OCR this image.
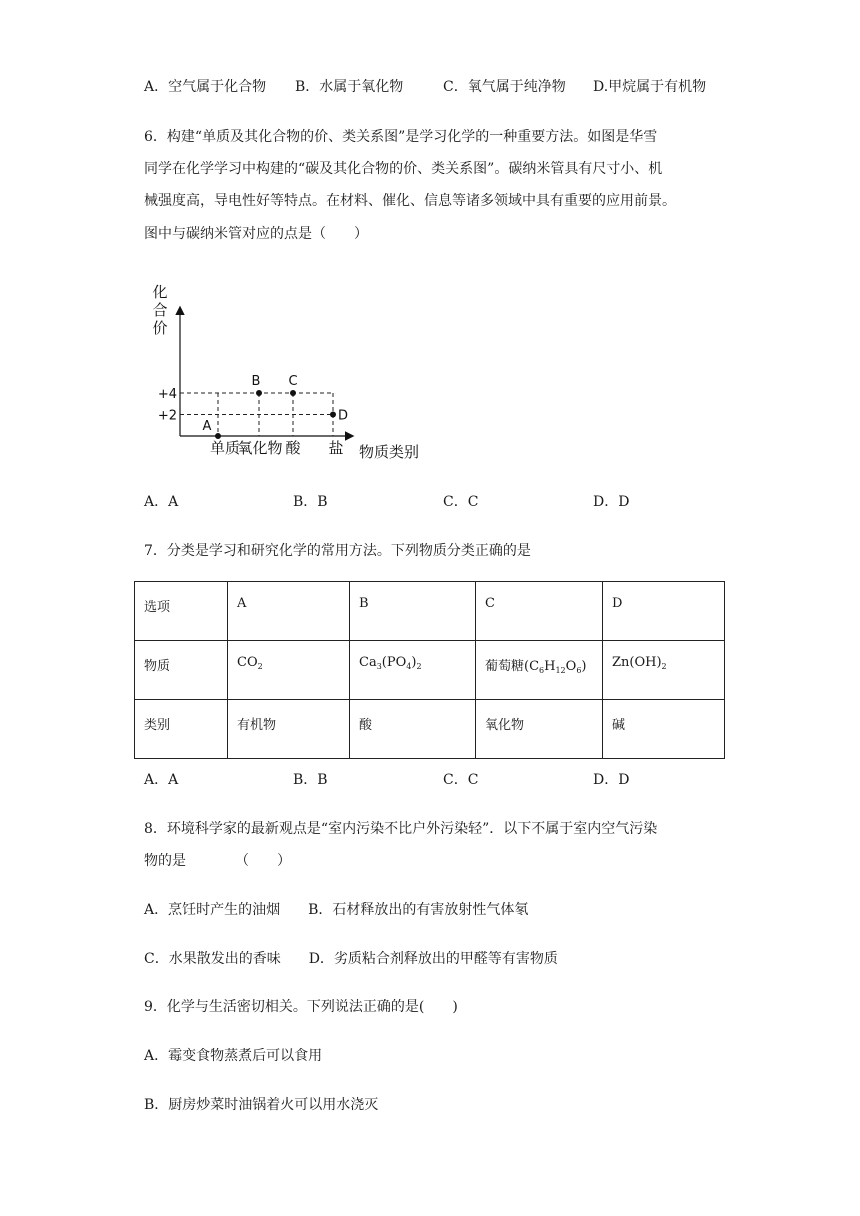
A．空气属于化合物 B．水属于氧化物	C．氧气属于纯净物 D.甲烷属于有机物
6．构建“单质及其化合物的价、类关系图”是学习化学的一种重要方法。如图是华雪
同学在化学学习中构建的“碳及其化合物的价、类关系图”。碳纳米管具有尺寸小、机
械强度高，导电性好等特点。在材料、催化、信息等诸多领域中具有重要的应用前景。
图中与碳纳米管对应的点是（　　）
化
合
价
+4
+2
单质
氧化物 酸 盐
A
B C
D
物质类别
A．A	B．B	C．C	D．D
7．分类是学习和研究化学的常用方法。下列物质分类正确的是
选项	A	B	C	D
物质	$CO_2$	$Ca_3(PO_4)_2$	葡萄糖$(C_6H_{12}O_6)$	$Zn(OH)_2$
类别	有机物	酸	氧化物	碱
A．A	B．B	C．C	D．D
8．环境科学家的最新观点是“室内污染不比户外污染轻”．以下不属于室内空气污染
物的是　　　　（　　）
A．烹饪时产生的油烟　　B．石材释放出的有害放射性气体氡
C．水果散发出的香味　　D．劣质粘合剂释放出的甲醛等有害物质
9．化学与生活密切相关。下列说法正确的是(　　)
A．霉变食物蒸煮后可以食用
B．厨房炒菜时油锅着火可以用水浇灭
